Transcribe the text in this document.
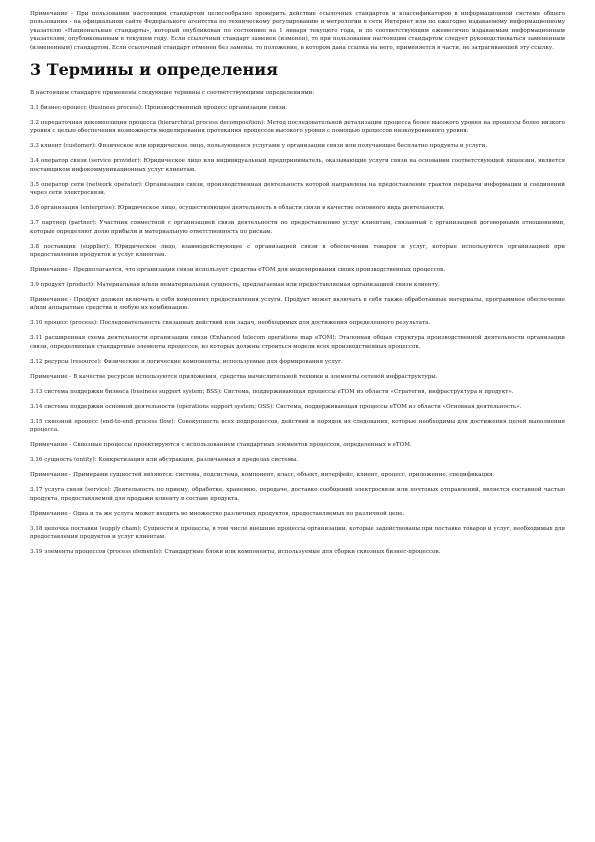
Примечание - При пользовании настоящим стандартом целесообразно проверить действие ссылочных стандартов и классификаторов в информационной системе общего пользования - на официальном сайте Федерального агентства по техническому регулированию и метрологии в сети Интернет или по ежегодно издаваемому информационному указателю «Национальные стандарты», который опубликован по состоянию на 1 января текущего года, и по соответствующим ежемесячно издаваемым информационным указателям, опубликованным в текущем году. Если ссылочный стандарт заменен (изменен), то при пользовании настоящим стандартом следует руководствоваться замененным (измененным) стандартом. Если ссылочный стандарт отменен без замены, то положение, в котором дана ссылка на него, применяется в части, не затрагивающей эту ссылку.

3 Термины и определения

В настоящем стандарте применены следующие термины с соответствующими определениями:

3.1 бизнес-процесс (business process): Производственный процесс организации связи.

3.2 передаточная декомпозиция процесса (hierarchical process decomposition): Метод последовательной детализации процесса более высокого уровня на процессы более низкого уровня с целью обеспечения возможности моделирования протекания процессов высокого уровня с помощью процессов низкоуровневого уровня.

3.3 клиент (customer): Физическое или юридическое лицо, пользующееся услугами у организации связи или получающее бесплатно продукты и услуги.

3.4 оператор связи (service provider): Юридическое лицо или индивидуальный предприниматель, оказывающие услуги связи на основании соответствующей лицензии, является поставщиком инфокоммуникационных услуг клиентам.

3.5 оператор сети (network operator): Организация связи, производственная деятельность которой направлена на предоставление трактов передачи информации и соединений через сети электросвязи.

3.6 организация (enterprise): Юридическое лицо, осуществляющее деятельность в области связи в качестве основного вида деятельности.

3.7 партнер (partner): Участник совместной с организацией связи деятельности по предоставлению услуг клиентам, связанный с организацией договорными отношениями, которые определяют долю прибыли и материальную ответственность по рискам.

3.8 поставщик (supplier): Юридическое лицо, взаимодействующее с организацией связи в обеспечении товаров и услуг, которые используются организацией при предоставлении продуктов и услуг клиентам.

Примечание - Предполагается, что организация связи использует средства eTOM для моделирования своих производственных процессов.

3.9 продукт (product): Материальная и/или нематериальная сущность, предлагаемая или предоставляемая организацией связи клиенту.

Примечание - Продукт должен включать в себя компонент предоставления услуги. Продукт может включать в себя также обработанные материалы, программное обеспечение и/или аппаратные средства и любую их комбинацию.

3.10 процесс (process): Последовательность связанных действий или задач, необходимых для достижения определенного результата.

3.11 расширенная схема деятельности организации связи (Enhanced telecom operations map eTOM): Эталонная общая структура производственной деятельности организации связи, определяющая стандартные элементы процессов, из которых должны строиться модели всех производственных процессов.

3.12 ресурсы (resource): Физические и логические компоненты, используемые для формирования услуг.

Примечание - В качестве ресурсов используются приложения, средства вычислительной техники и элементы сетевой инфраструктуры.

3.13 система поддержки бизнеса (business support system; BSS): Система, поддерживающая процессы eTOM из области «Стратегия, инфраструктура и продукт».

3.14 система поддержки основной деятельности (operations support system; OSS): Система, поддерживающая процессы eTOM из области «Основная деятельность».

3.15 сквозной процесс (end-to-end process flow): Совокупность всех подпроцессов, действий и порядок их следования, которые необходимы для достижения целей выполнения процесса.

Примечание - Сквозные процессы проектируются с использованием стандартных элементов процессов, определенных в eTOM.

3.16 сущность (entity): Конкретизация или абстракция, различаемая в пределах системы.

Примечание - Примерами сущностей являются: система, подсистема, компонент, класс, объект, интерфейс, клиент, процесс, приложение, спецификация.

3.17 услуга связи (service): Деятельность по приему, обработке, хранению, передаче, доставке сообщений электросвязи или почтовых отправлений, является составной частью продукта, предоставляемой для продажи клиенту в составе продукта.

Примечание - Одна и та же услуга может входить во множество различных продуктов, предоставляемых по различной цене.

3.18 цепочка поставки (supply chain): Сущности и процессы, в том числе внешние процессы организации, которые задействованы при поставке товаров и услуг, необходимых для предоставления продуктов и услуг клиентам.

3.19 элементы процессов (process elements): Стандартные блоки или компоненты, используемые для сборки сквозных бизнес-процессов.
